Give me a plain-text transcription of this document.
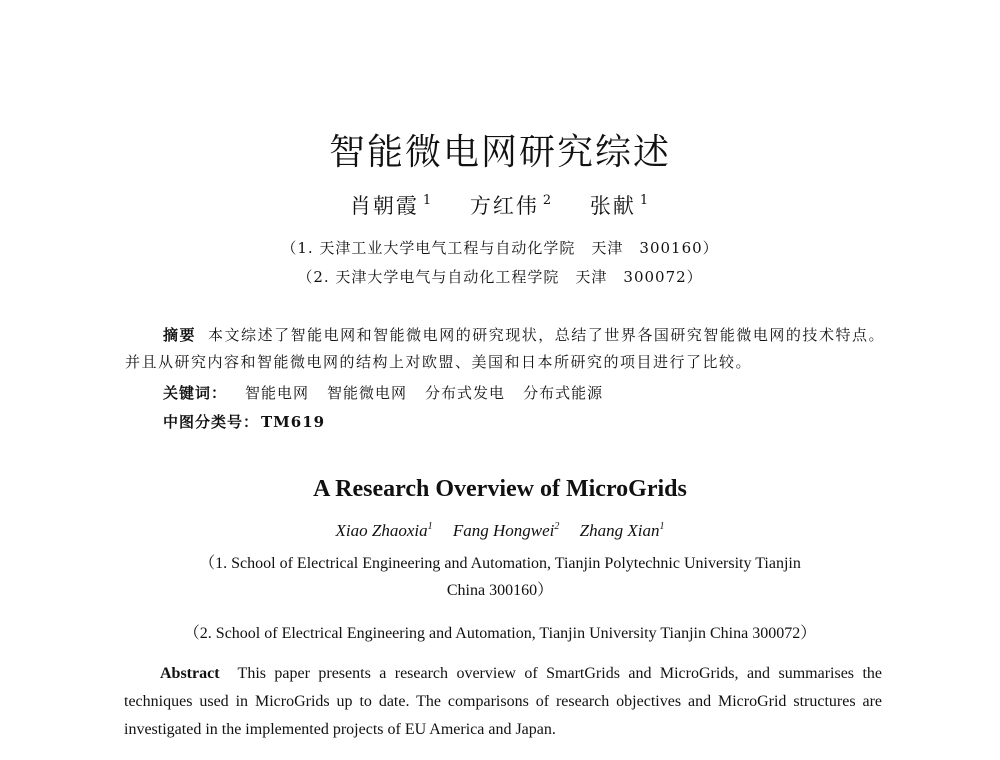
智能微电网研究综述
肖朝霞 $^1$ 方红伟 $^2$ 张献 $^1$
（1. 天津工业大学电气工程与自动化学院　天津　300160）
（2. 天津大学电气与自动化工程学院　天津　300072）
摘要 本文综述了智能电网和智能微电网的研究现状，总结了世界各国研究智能微电网的技术特点。并且从研究内容和智能微电网的结构上对欧盟、美国和日本所研究的项目进行了比较。
关键词： 智能电网 智能微电网 分布式发电 分布式能源
中图分类号： TM619
A Research Overview of MicroGrids
Xiao Zhaoxia$^1$ Fang Hongwei$^2$ Zhang Xian$^1$
（1. School of Electrical Engineering and Automation, Tianjin Polytechnic University Tianjin
China 300160）
（2. School of Electrical Engineering and Automation, Tianjin University Tianjin China 300072）
Abstract This paper presents a research overview of SmartGrids and MicroGrids, and summarises the techniques used in MicroGrids up to date. The comparisons of research objectives and MicroGrid structures are investigated in the implemented projects of EU America and Japan.
